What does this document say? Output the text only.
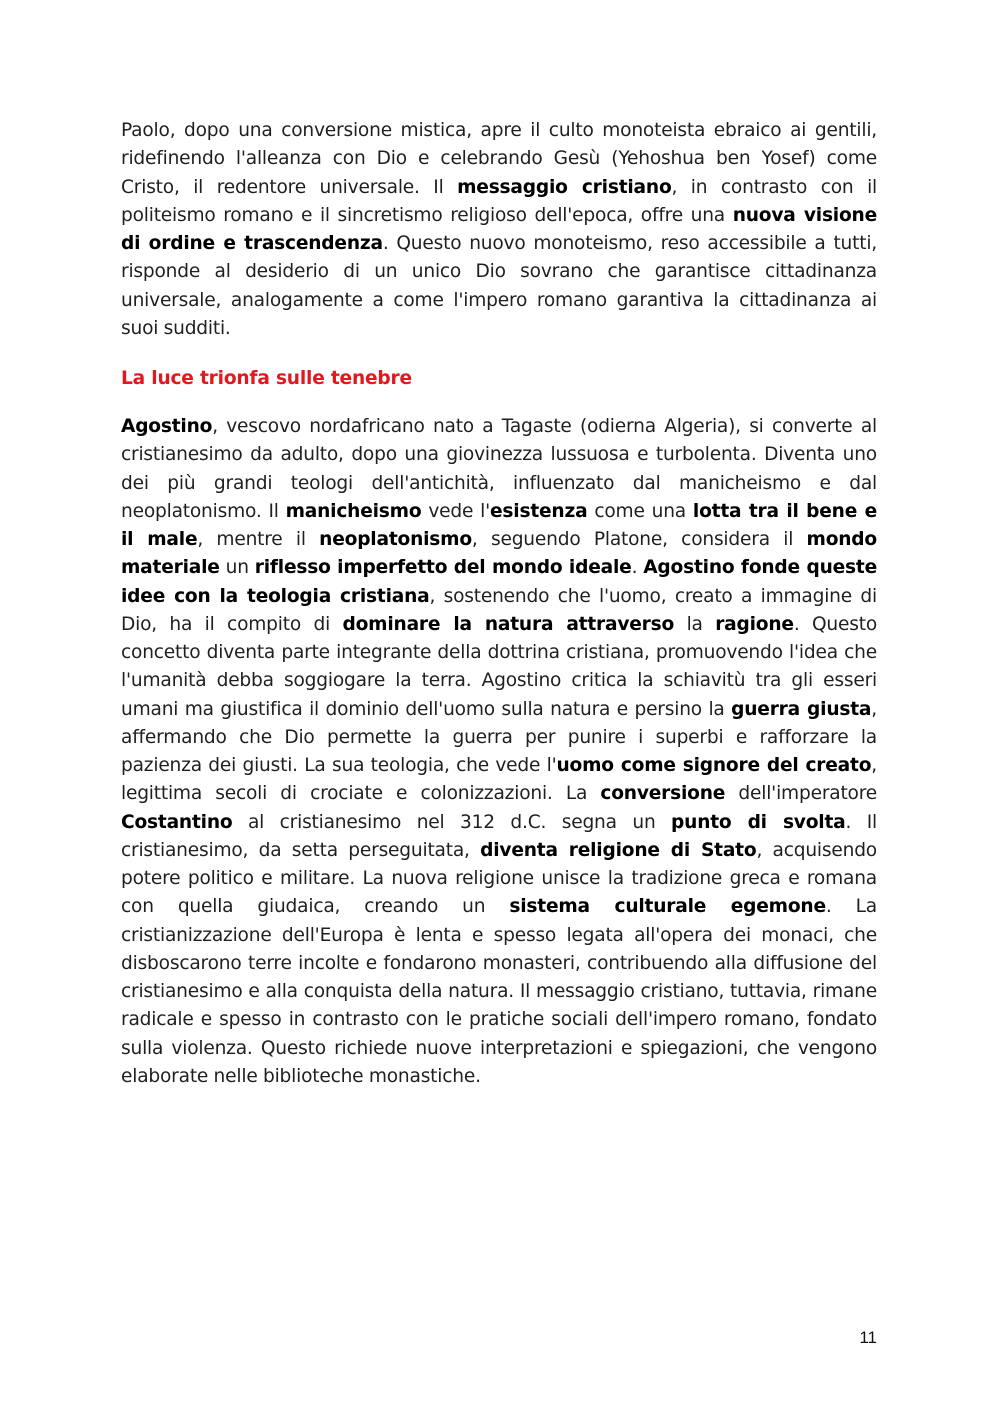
Paolo, dopo una conversione mistica, apre il culto monoteista ebraico ai gentili, ridefinendo l'alleanza con Dio e celebrando Gesù (Yehoshua ben Yosef) come Cristo, il redentore universale. Il messaggio cristiano, in contrasto con il politeismo romano e il sincretismo religioso dell'epoca, offre una nuova visione di ordine e trascendenza. Questo nuovo monoteismo, reso accessibile a tutti, risponde al desiderio di un unico Dio sovrano che garantisce cittadinanza universale, analogamente a come l'impero romano garantiva la cittadinanza ai suoi sudditi.

La luce trionfa sulle tenebre

Agostino, vescovo nordafricano nato a Tagaste (odierna Algeria), si converte al cristianesimo da adulto, dopo una giovinezza lussuosa e turbolenta. Diventa uno dei più grandi teologi dell'antichità, influenzato dal manicheismo e dal neoplatonismo. Il manicheismo vede l'esistenza come una lotta tra il bene e il male, mentre il neoplatonismo, seguendo Platone, considera il mondo materiale un riflesso imperfetto del mondo ideale. Agostino fonde queste idee con la teologia cristiana, sostenendo che l'uomo, creato a immagine di Dio, ha il compito di dominare la natura attraverso la ragione. Questo concetto diventa parte integrante della dottrina cristiana, promuovendo l'idea che l'umanità debba soggiogare la terra. Agostino critica la schiavitù tra gli esseri umani ma giustifica il dominio dell'uomo sulla natura e persino la guerra giusta, affermando che Dio permette la guerra per punire i superbi e rafforzare la pazienza dei giusti. La sua teologia, che vede l'uomo come signore del creato, legittima secoli di crociate e colonizzazioni. La conversione dell'imperatore Costantino al cristianesimo nel 312 d.C. segna un punto di svolta. Il cristianesimo, da setta perseguitata, diventa religione di Stato, acquisendo potere politico e militare. La nuova religione unisce la tradizione greca e romana con quella giudaica, creando un sistema culturale egemone. La cristianizzazione dell'Europa è lenta e spesso legata all'opera dei monaci, che disboscarono terre incolte e fondarono monasteri, contribuendo alla diffusione del cristianesimo e alla conquista della natura. Il messaggio cristiano, tuttavia, rimane radicale e spesso in contrasto con le pratiche sociali dell'impero romano, fondato sulla violenza. Questo richiede nuove interpretazioni e spiegazioni, che vengono elaborate nelle biblioteche monastiche.

11
